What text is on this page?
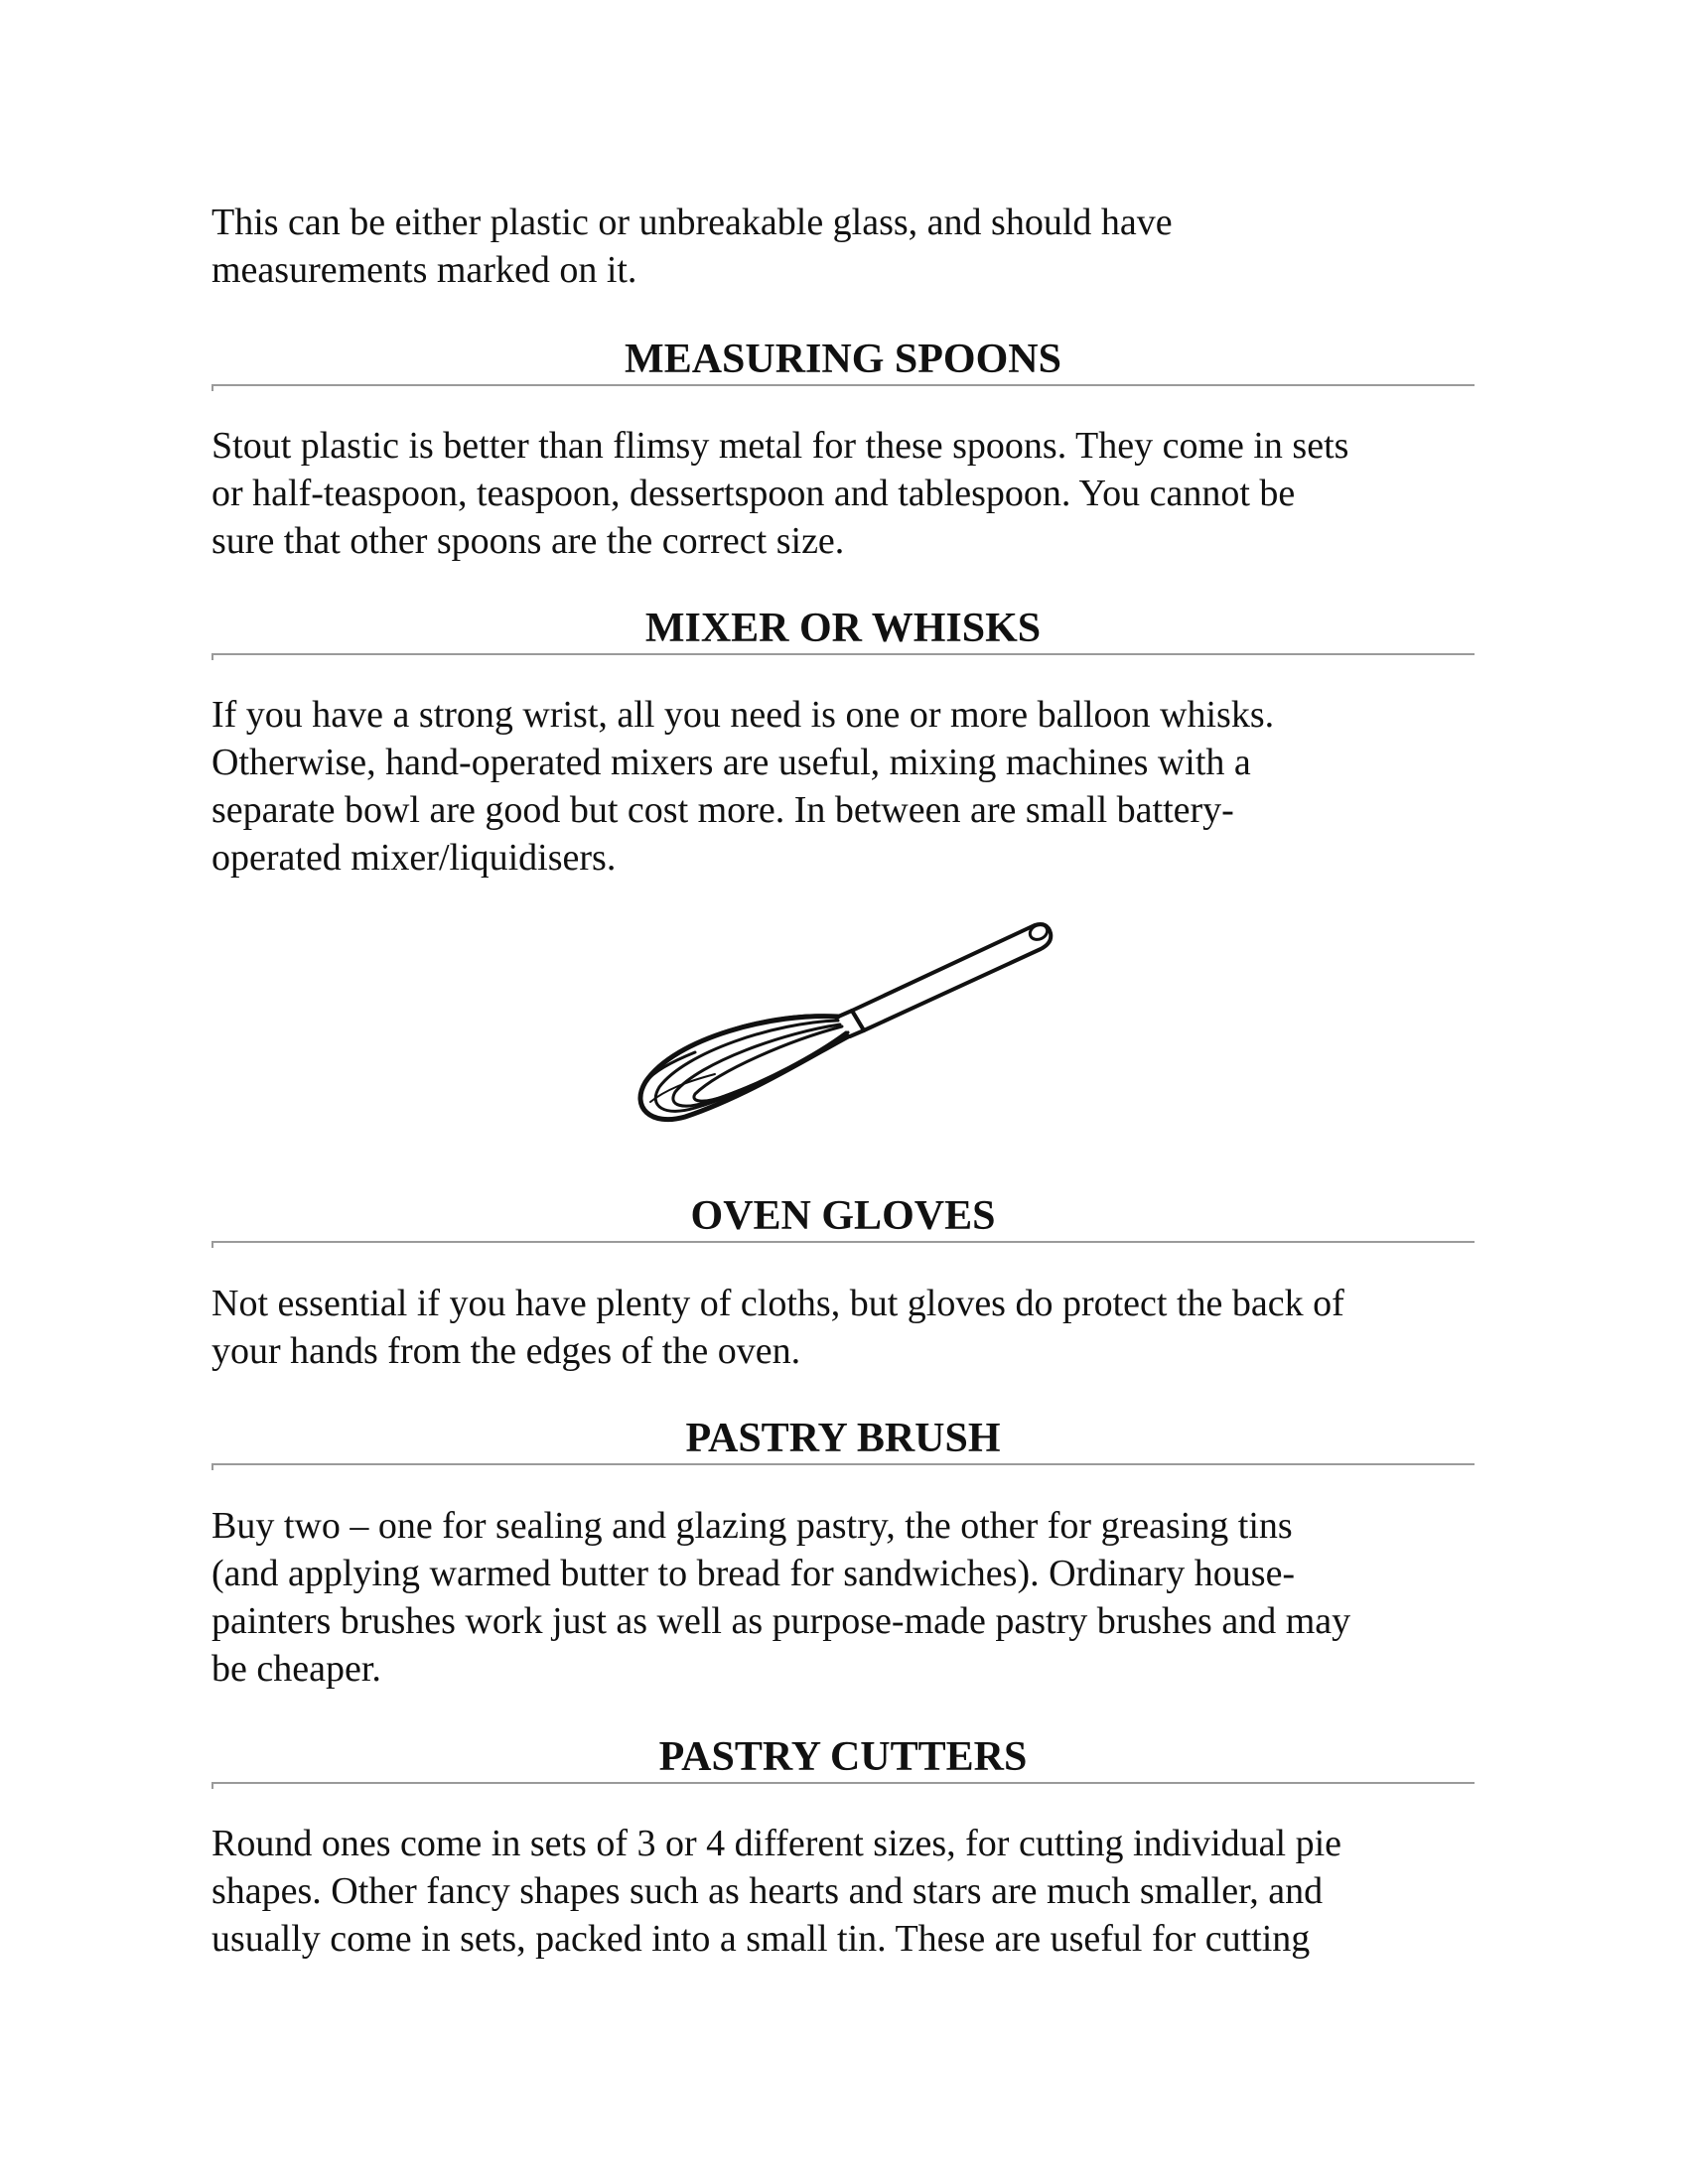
This can be either plastic or unbreakable glass, and should have
measurements marked on it.

MEASURING SPOONS

Stout plastic is better than flimsy metal for these spoons. They come in sets
or half-teaspoon, teaspoon, dessertspoon and tablespoon. You cannot be
sure that other spoons are the correct size.

MIXER OR WHISKS

If you have a strong wrist, all you need is one or more balloon whisks.
Otherwise, hand-operated mixers are useful, mixing machines with a
separate bowl are good but cost more. In between are small battery-
operated mixer/liquidisers.

OVEN GLOVES

Not essential if you have plenty of cloths, but gloves do protect the back of
your hands from the edges of the oven.

PASTRY BRUSH

Buy two – one for sealing and glazing pastry, the other for greasing tins
(and applying warmed butter to bread for sandwiches). Ordinary house-
painters brushes work just as well as purpose-made pastry brushes and may
be cheaper.

PASTRY CUTTERS

Round ones come in sets of 3 or 4 different sizes, for cutting individual pie
shapes. Other fancy shapes such as hearts and stars are much smaller, and
usually come in sets, packed into a small tin. These are useful for cutting
